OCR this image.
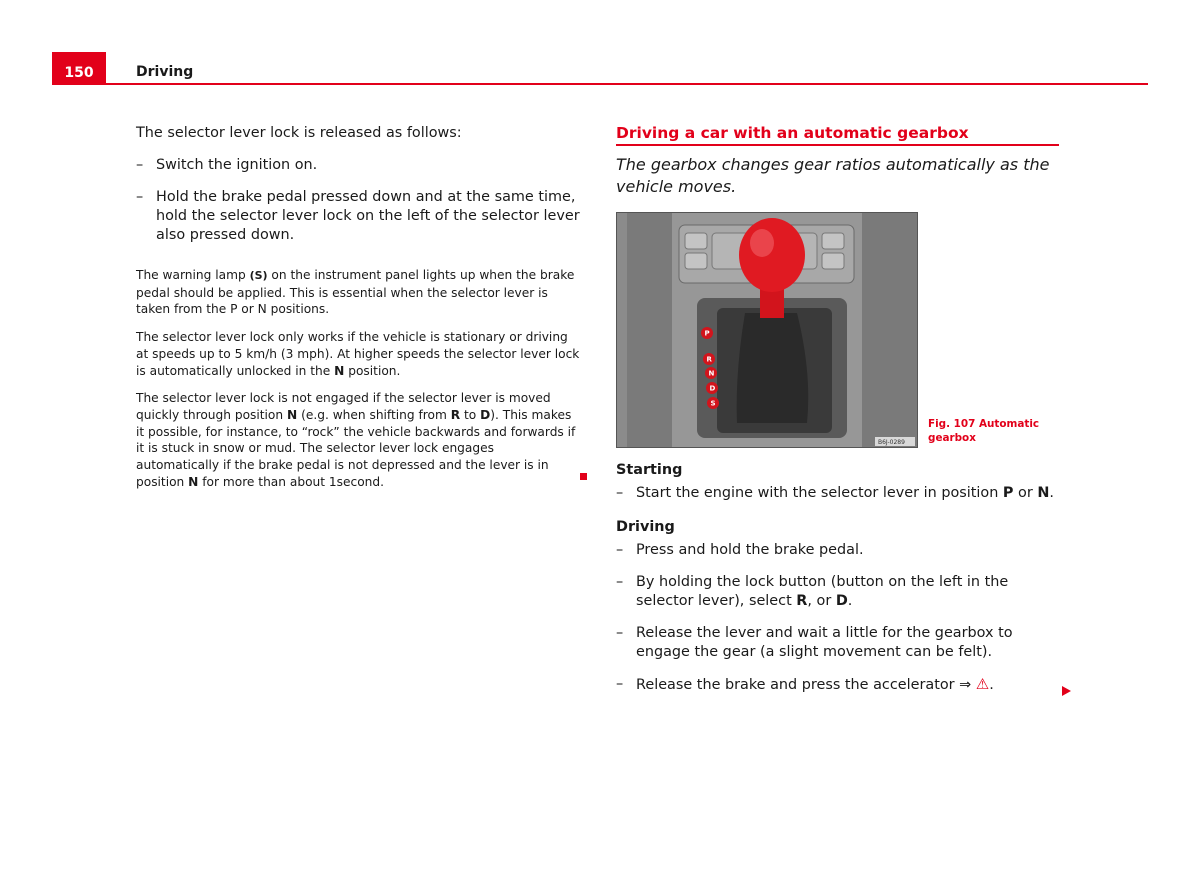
150	Driving

The selector lever lock is released as follows:

– Switch the ignition on.
– Hold the brake pedal pressed down and at the same time, hold the selector lever lock on the left of the selector lever also pressed down.

The warning lamp (S) on the instrument panel lights up when the brake pedal should be applied. This is essential when the selector lever is taken from the P or N positions.

The selector lever lock only works if the vehicle is stationary or driving at speeds up to 5 km/h (3 mph). At higher speeds the selector lever lock is automatically unlocked in the N position.

The selector lever lock is not engaged if the selector lever is moved quickly through position N (e.g. when shifting from R to D). This makes it possible, for instance, to “rock” the vehicle backwards and forwards if it is stuck in snow or mud. The selector lever lock engages automatically if the brake pedal is not depressed and the lever is in position N for more than about 1second.

Driving a car with an automatic gearbox

The gearbox changes gear ratios automatically as the vehicle moves.

P
R
N
D
S
B6J-0289
Fig. 107 Automatic gearbox
Starting
– Start the engine with the selector lever in position P or N.
Driving
– Press and hold the brake pedal.
– By holding the lock button (button on the left in the selector lever), select R, or D.
– Release the lever and wait a little for the gearbox to engage the gear (a slight movement can be felt).
– Release the brake and press the accelerator ⇒ ⚠.
